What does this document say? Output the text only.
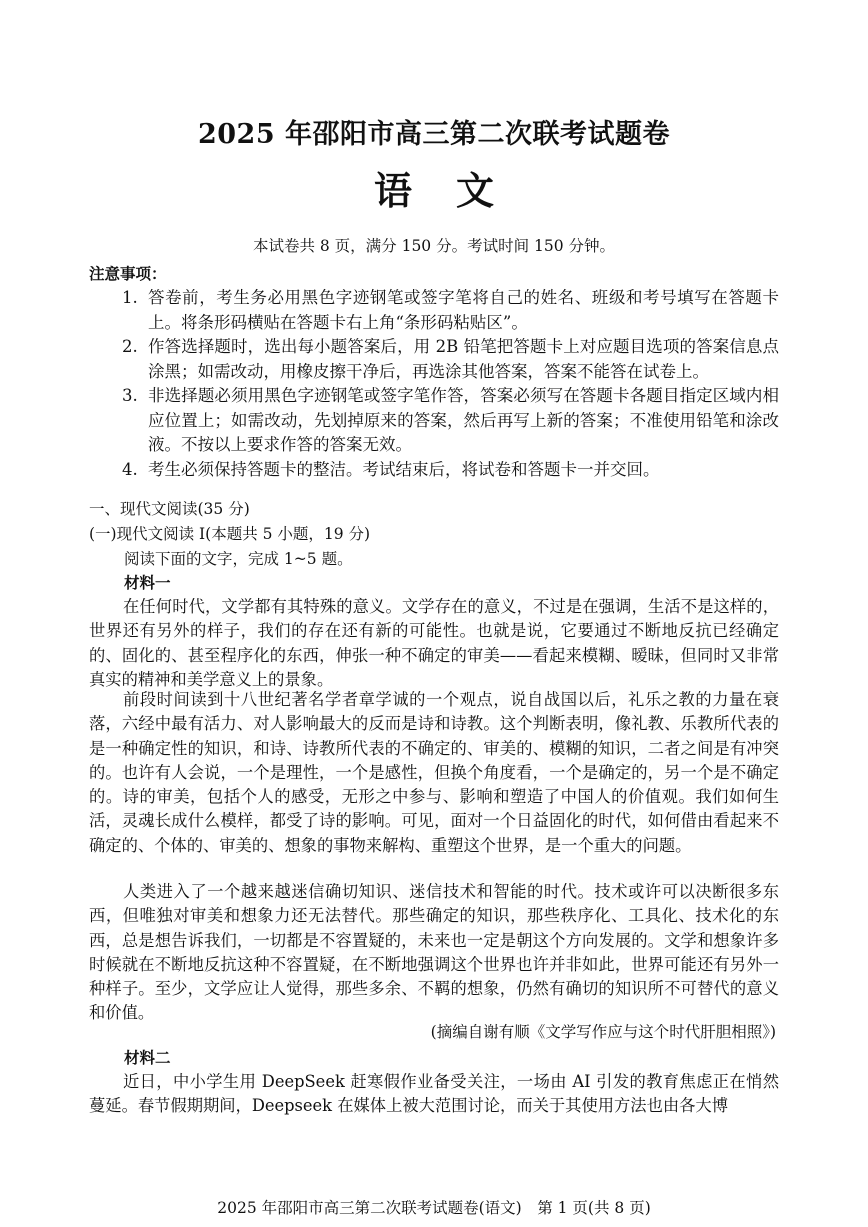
2025 年邵阳市高三第二次联考试题卷
语文
本试卷共 8 页，满分 150 分。考试时间 150 分钟。
注意事项：
1. 答卷前，考生务必用黑色字迹钢笔或签字笔将自己的姓名、班级和考号填写在答题卡上。将条形码横贴在答题卡右上角“条形码粘贴区”。
2. 作答选择题时，选出每小题答案后，用 2B 铅笔把答题卡上对应题目选项的答案信息点涂黑；如需改动，用橡皮擦干净后，再选涂其他答案，答案不能答在试卷上。
3. 非选择题必须用黑色字迹钢笔或签字笔作答，答案必须写在答题卡各题目指定区域内相应位置上；如需改动，先划掉原来的答案，然后再写上新的答案；不准使用铅笔和涂改液。不按以上要求作答的答案无效。
4. 考生必须保持答题卡的整洁。考试结束后，将试卷和答题卡一并交回。
一、现代文阅读(35 分)
(一)现代文阅读 I(本题共 5 小题，19 分)
阅读下面的文字，完成 1~5 题。
材料一

在任何时代，文学都有其特殊的意义。文学存在的意义，不过是在强调，生活不是这样的，世界还有另外的样子，我们的存在还有新的可能性。也就是说，它要通过不断地反抗已经确定的、固化的、甚至程序化的东西，伸张一种不确定的审美——看起来模糊、暧昧，但同时又非常真实的精神和美学意义上的景象。

前段时间读到十八世纪著名学者章学诚的一个观点，说自战国以后，礼乐之教的力量在衰落，六经中最有活力、对人影响最大的反而是诗和诗教。这个判断表明，像礼教、乐教所代表的是一种确定性的知识，和诗、诗教所代表的不确定的、审美的、模糊的知识，二者之间是有冲突的。也许有人会说，一个是理性，一个是感性，但换个角度看，一个是确定的，另一个是不确定的。诗的审美，包括个人的感受，无形之中参与、影响和塑造了中国人的价值观。我们如何生活，灵魂长成什么模样，都受了诗的影响。可见，面对一个日益固化的时代，如何借由看起来不确定的、个体的、审美的、想象的事物来解构、重塑这个世界，是一个重大的问题。

人类进入了一个越来越迷信确切知识、迷信技术和智能的时代。技术或许可以决断很多东西，但唯独对审美和想象力还无法替代。那些确定的知识，那些秩序化、工具化、技术化的东西，总是想告诉我们，一切都是不容置疑的，未来也一定是朝这个方向发展的。文学和想象许多时候就在不断地反抗这种不容置疑，在不断地强调这个世界也许并非如此，世界可能还有另外一种样子。至少，文学应让人觉得，那些多余、不羁的想象，仍然有确切的知识所不可替代的意义和价值。

(摘编自谢有顺《文学写作应与这个时代肝胆相照》)
材料二

近日，中小学生用 DeepSeek 赶寒假作业备受关注，一场由 AI 引发的教育焦虑正在悄然蔓延。春节假期期间，Deepseek 在媒体上被大范围讨论，而关于其使用方法也由各大博

2025 年邵阳市高三第二次联考试题卷(语文)　第 1 页(共 8 页)
